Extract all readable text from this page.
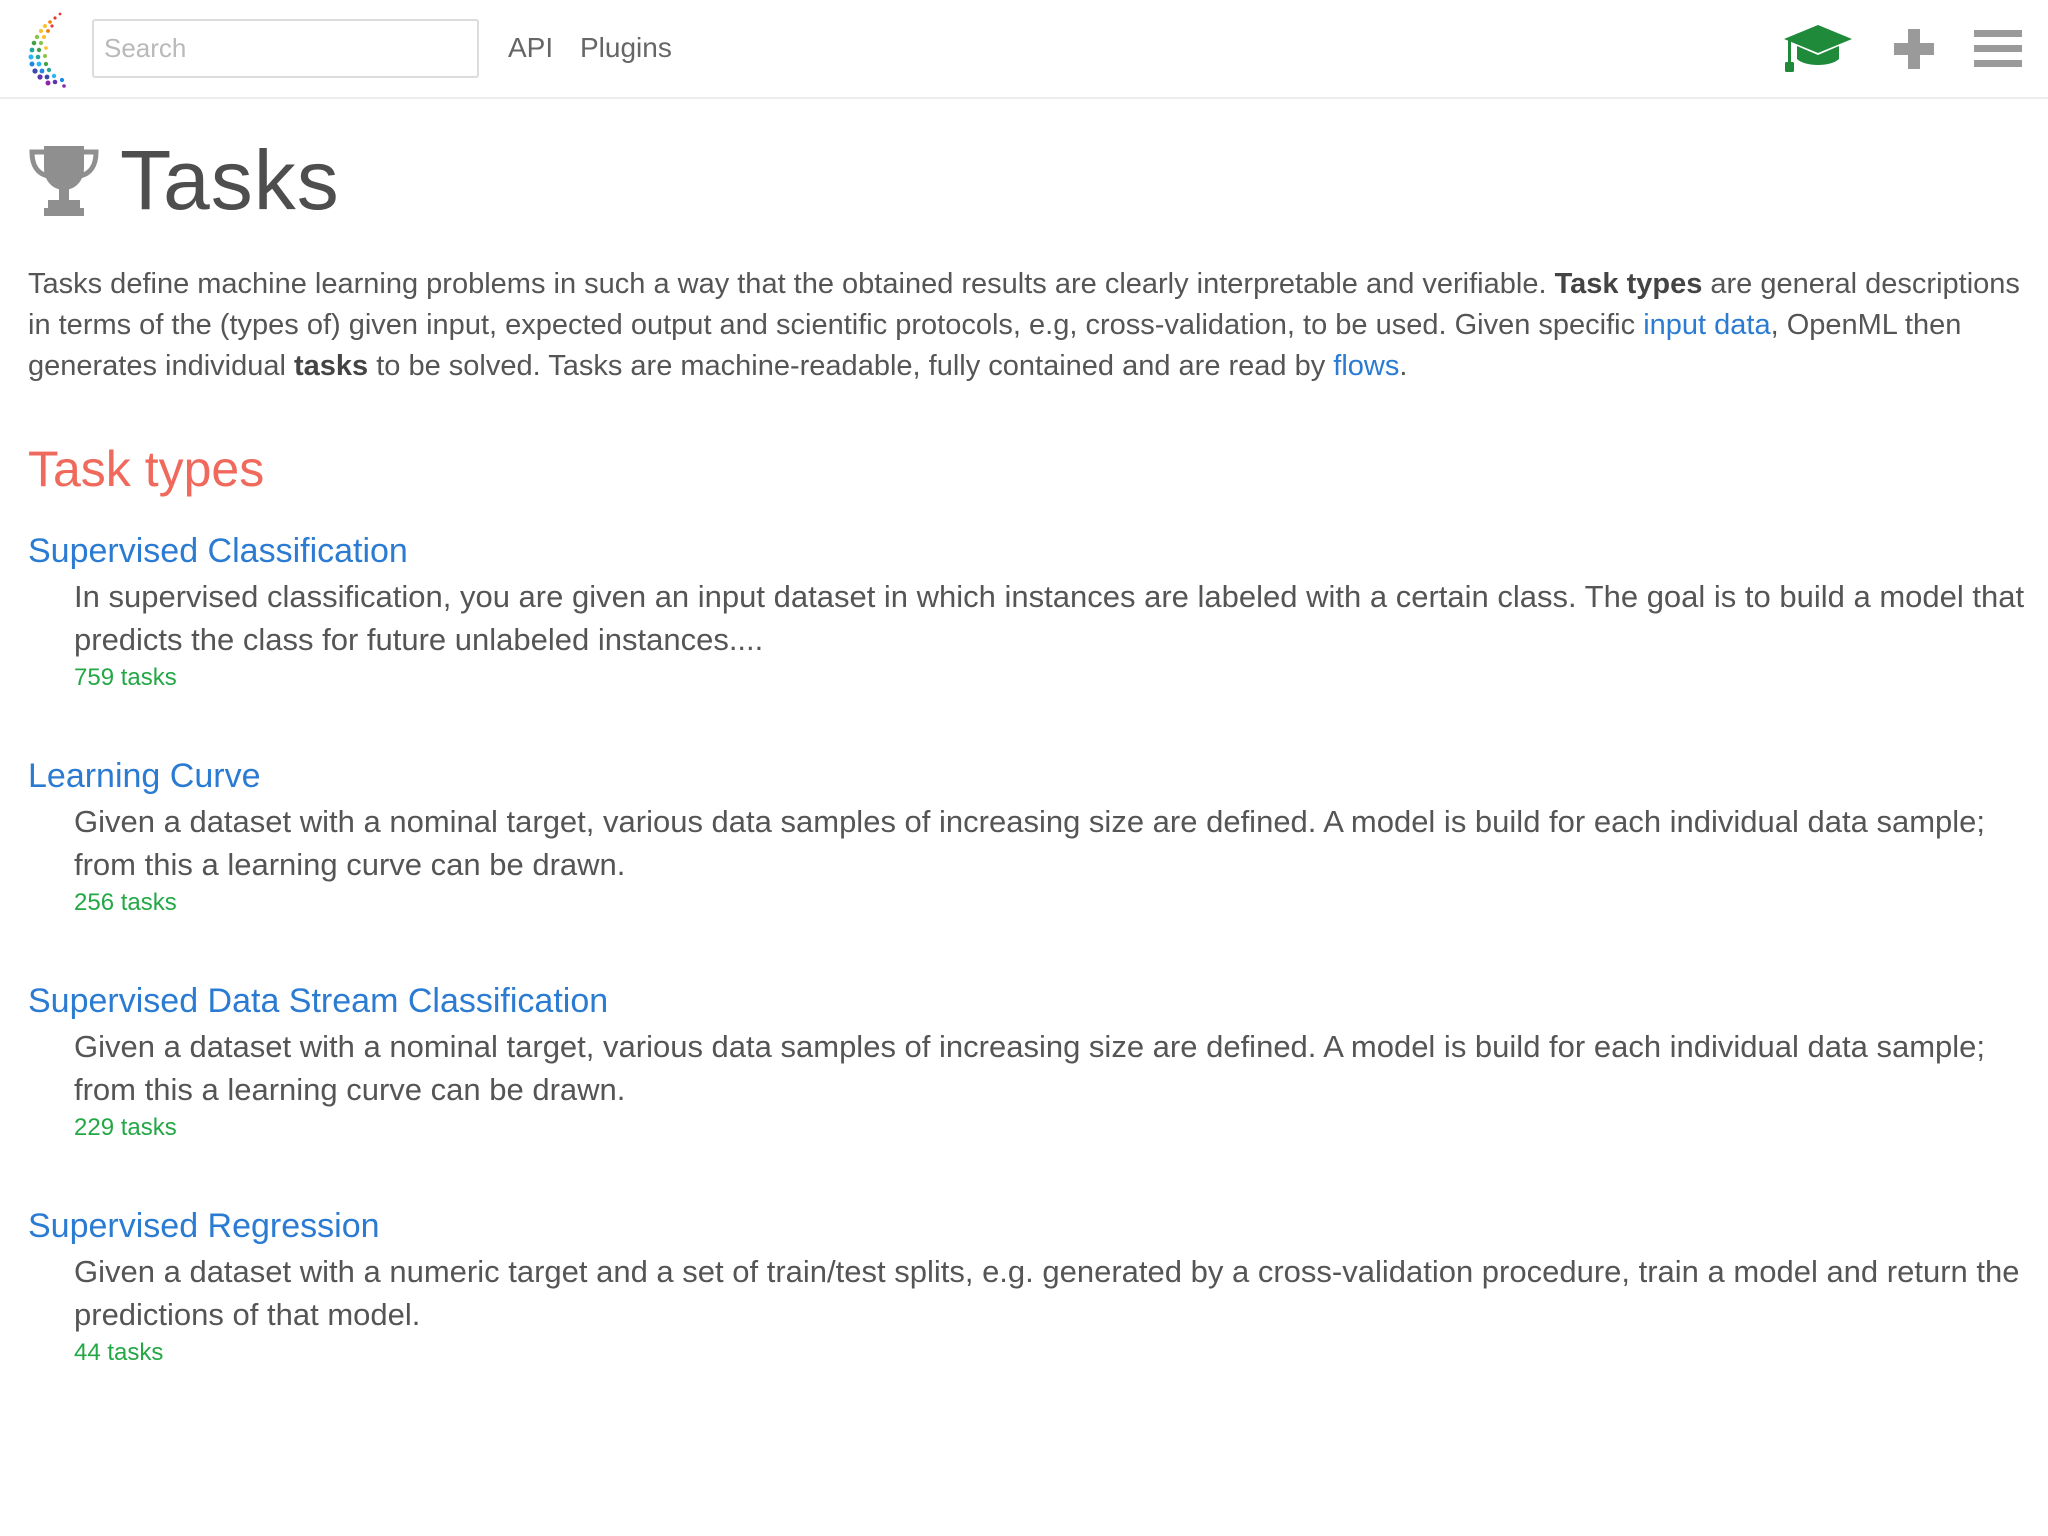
Search
API Plugins
Tasks

Tasks define machine learning problems in such a way that the obtained results are clearly interpretable and verifiable. Task types are general descriptions in terms of the (types of) given input, expected output and scientific protocols, e.g, cross-validation, to be used. Given specific input data, OpenML then generates individual tasks to be solved. Tasks are machine-readable, fully contained and are read by flows.

Task types
Supervised Classification

In supervised classification, you are given an input dataset in which instances are labeled with a certain class. The goal is to build a model that predicts the class for future unlabeled instances....

759 tasks
Learning Curve

Given a dataset with a nominal target, various data samples of increasing size are defined. A model is build for each individual data sample; from this a learning curve can be drawn.

256 tasks
Supervised Data Stream Classification

Given a dataset with a nominal target, various data samples of increasing size are defined. A model is build for each individual data sample; from this a learning curve can be drawn.

229 tasks
Supervised Regression

Given a dataset with a numeric target and a set of train/test splits, e.g. generated by a cross-validation procedure, train a model and return the predictions of that model.

44 tasks
